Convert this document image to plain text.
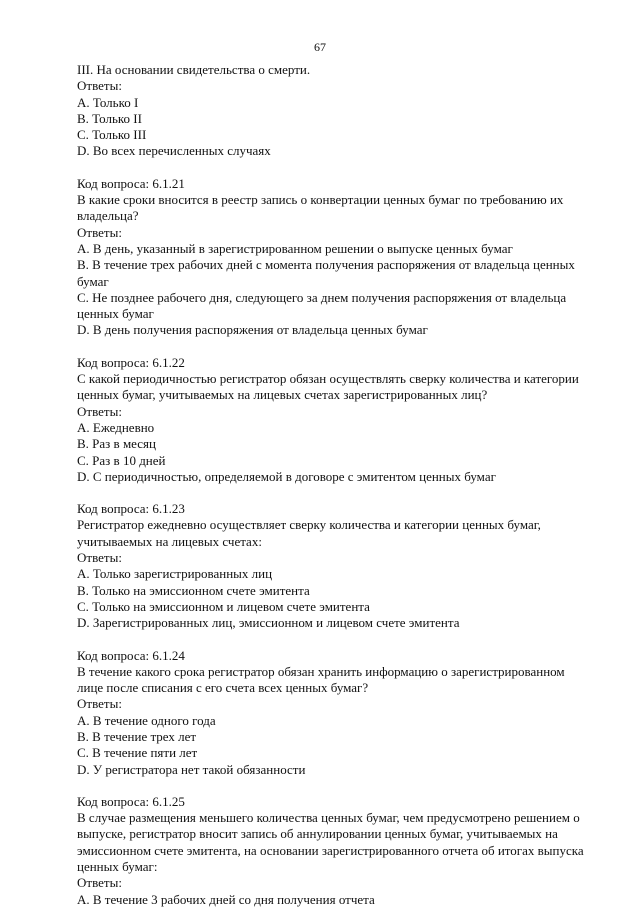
67
III. На основании свидетельства о смерти.
Ответы:
A. Только I
B. Только II
C. Только III
D. Во всех перечисленных случаях
Код вопроса: 6.1.21
В какие сроки вносится в реестр запись о конвертации ценных бумаг по требованию их
владельца?
Ответы:
A. В день, указанный в зарегистрированном решении о выпуске ценных бумаг
B. В течение трех рабочих дней с момента получения распоряжения от владельца ценных
бумаг
C. Не позднее рабочего дня, следующего за днем получения распоряжения от владельца
ценных бумаг
D. В день получения распоряжения от владельца ценных бумаг
Код вопроса: 6.1.22
С какой периодичностью регистратор обязан осуществлять сверку количества и категории
ценных бумаг, учитываемых на лицевых счетах зарегистрированных лиц?
Ответы:
A. Ежедневно
B. Раз в месяц
C. Раз в 10 дней
D. С периодичностью, определяемой в договоре с эмитентом ценных бумаг
Код вопроса: 6.1.23
Регистратор ежедневно осуществляет сверку количества и категории ценных бумаг,
учитываемых на лицевых счетах:
Ответы:
A. Только зарегистрированных лиц
B. Только на эмиссионном счете эмитента
C. Только на эмиссионном и лицевом счете эмитента
D. Зарегистрированных лиц, эмиссионном и лицевом счете эмитента
Код вопроса: 6.1.24
В течение какого срока регистратор обязан хранить информацию о зарегистрированном
лице после списания с его счета всех ценных бумаг?
Ответы:
A. В течение одного года
B. В течение трех лет
C. В течение пяти лет
D. У регистратора нет такой обязанности
Код вопроса: 6.1.25
В случае размещения меньшего количества ценных бумаг, чем предусмотрено решением о
выпуске, регистратор вносит запись об аннулировании ценных бумаг, учитываемых на
эмиссионном счете эмитента, на основании зарегистрированного отчета об итогах выпуска
ценных бумаг:
Ответы:
A. В течение 3 рабочих дней со дня получения отчета
